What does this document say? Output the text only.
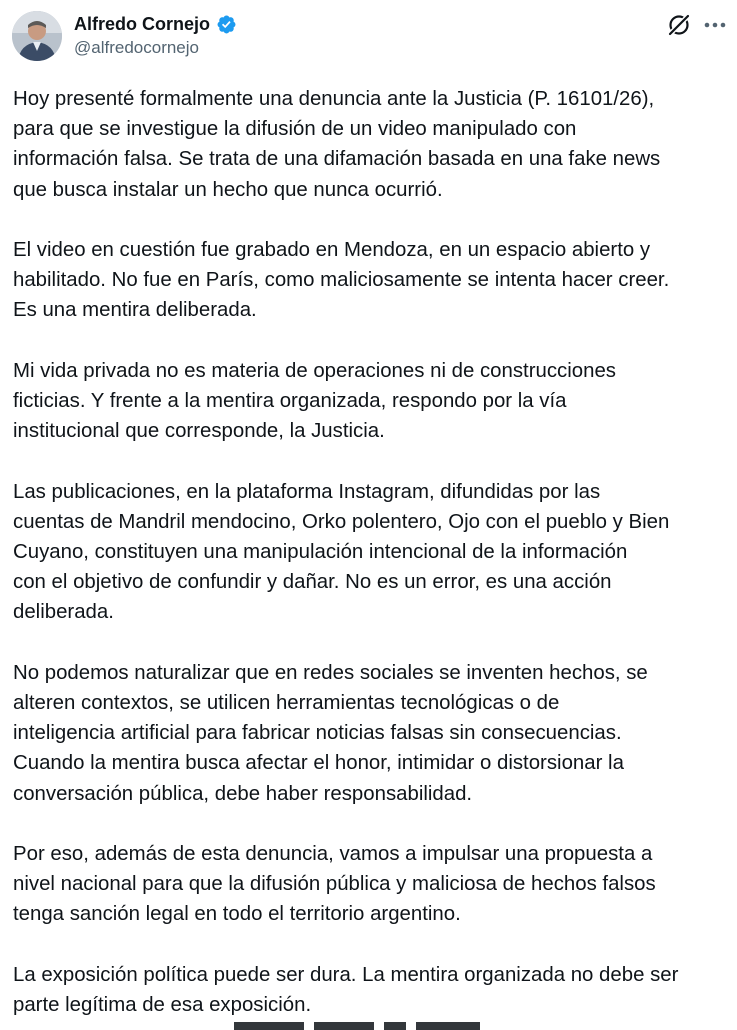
Alfredo Cornejo
@alfredocornejo

Hoy presenté formalmente una denuncia ante la Justicia (P. 16101/26),
para que se investigue la difusión de un video manipulado con
información falsa. Se trata de una difamación basada en una fake news
que busca instalar un hecho que nunca ocurrió.

El video en cuestión fue grabado en Mendoza, en un espacio abierto y
habilitado. No fue en París, como maliciosamente se intenta hacer creer.
Es una mentira deliberada.

Mi vida privada no es materia de operaciones ni de construcciones
ficticias. Y frente a la mentira organizada, respondo por la vía
institucional que corresponde, la Justicia.

Las publicaciones, en la plataforma Instagram, difundidas por las
cuentas de Mandril mendocino, Orko polentero, Ojo con el pueblo y Bien
Cuyano, constituyen una manipulación intencional de la información
con el objetivo de confundir y dañar. No es un error, es una acción
deliberada.

No podemos naturalizar que en redes sociales se inventen hechos, se
alteren contextos, se utilicen herramientas tecnológicas o de
inteligencia artificial para fabricar noticias falsas sin consecuencias.
Cuando la mentira busca afectar el honor, intimidar o distorsionar la
conversación pública, debe haber responsabilidad.

Por eso, además de esta denuncia, vamos a impulsar una propuesta a
nivel nacional para que la difusión pública y maliciosa de hechos falsos
tenga sanción legal en todo el territorio argentino.

La exposición política puede ser dura. La mentira organizada no debe ser
parte legítima de esa exposición.
